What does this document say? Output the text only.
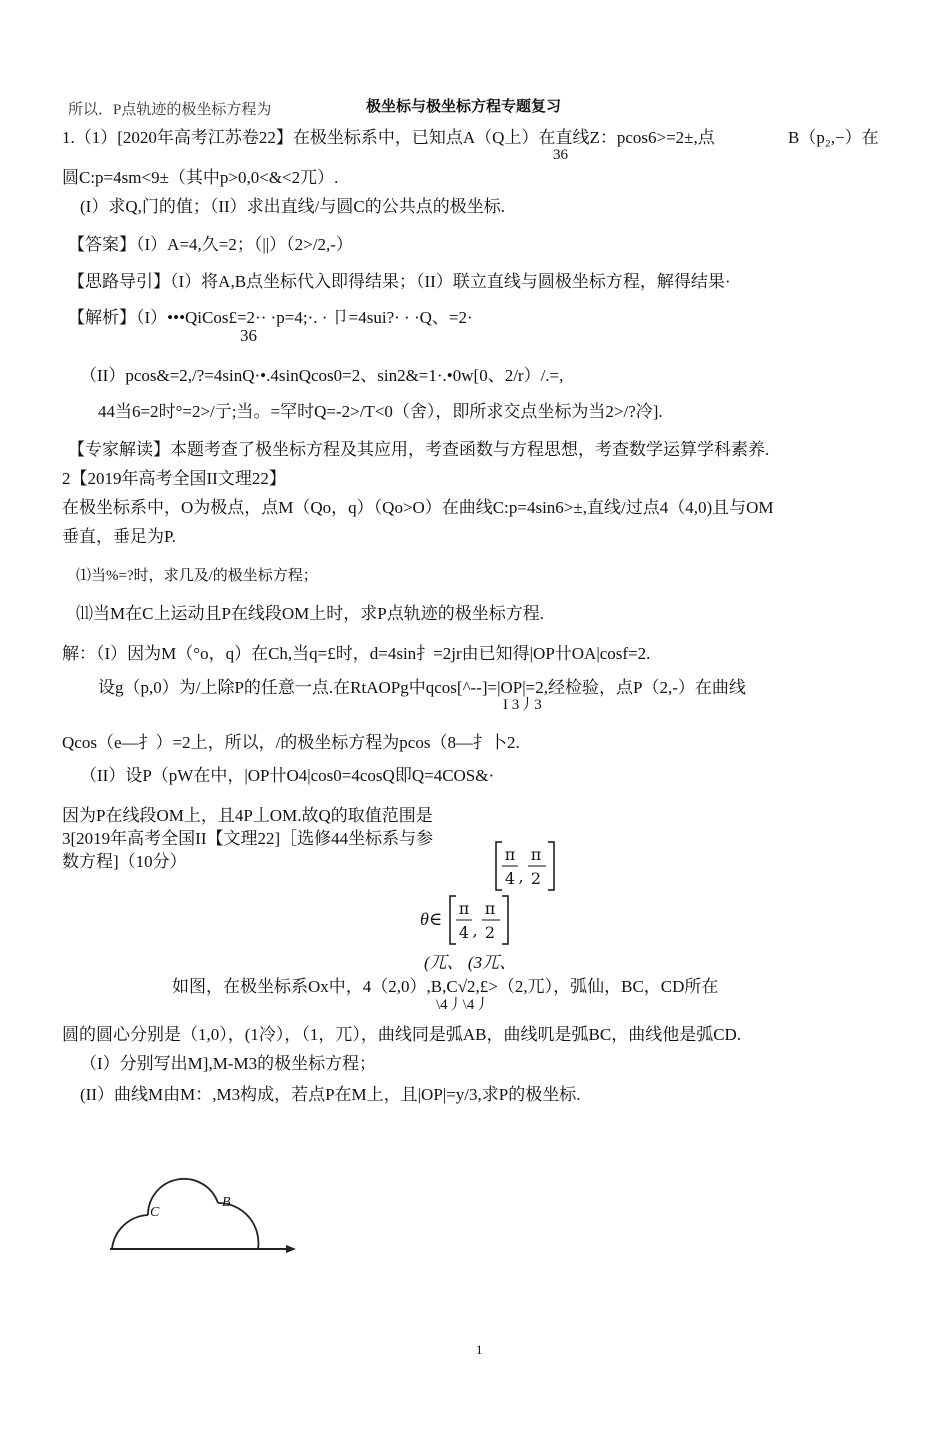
所以．P点轨迹的极坐标方程为	极坐标与极坐标方程专题复习
1.（1）[2020年高考江苏卷22】在极坐标系中，已知点A（Q上）在直线Z：pcos6>=2±,点	B（p₂,−）在
36
圆C:p=4sm<9±（其中p>0,0<&<2兀）.
(I）求Q,门的值；（II）求出直线/与圆C的公共点的极坐标.
【答案】（I）A=4,久=2；（||）（2>/2,-）
【思路导引】（I）将A,B点坐标代入即得结果；（II）联立直线与圆极坐标方程，解得结果·
【解析】（I）•••QiCos£=2·· ·p=4;·. · 卩=4sui?· · ·Q、=2·
36
（II）pcos&=2,/?=4sinQ·•.4sinQcos0=2、sin2&=1·.•0w[0、2/r）/.=,
44当6=2时°=2>/亍;当。=罕时Q=-2>/T<0（舍），即所求交点坐标为当2>/?冷].
【专家解读】本题考查了极坐标方程及其应用，考查函数与方程思想，考查数学运算学科素养.
2【2019年高考全国II文理22】
在极坐标系中，O为极点，点M（Qo，q）（Qo>O）在曲线C:p=4sin6>±,直线/过点4（4,0)且与OM
垂直，垂足为P.
⑴当%=?时，求几及/的极坐标方程；
⑾当M在C上运动且P在线段OM上时，求P点轨迹的极坐标方程.
解：（I）因为M（°o，q）在Ch,当q=£时，d=4sin扌=2jr由已知得|OP卄OA|cosf=2.
设g（p,0）为/上除P的任意一点.在RtAOPg中qcos[^--]=|OP|=2,经检验，点P（2,-）在曲线
I 3丿3
Qcos（e—扌）=2上，所以，/的极坐标方程为pcos（8—扌卜2.
（II）设P（pW在中，|OP卄O4|cos0=4cosQ即Q=4COS&·
因为P在线段OM上，且4P丄OM.故Q的取值范围是
3[2019年高考全国II【文理22]［选修44坐标系与参
数方程]（10分）	π
4 ,
π
2
θ∈
π
4 ,
π
2
(兀、 (3兀、
如图，在极坐标系Ox中，4（2,0）,B,C√2,£>（2,兀），弧仙，BC，CD所在
\4丿\4丿
圆的圆心分别是（1,0），(1冷），（1，兀），曲线同是弧AB，曲线叽是弧BC，曲线他是弧CD.
（I）分别写出M],M-M3的极坐标方程；
(II）曲线M由M：,M3构成，若点P在M上，且|OP|=y/3,求P的极坐标.
C
B
1
